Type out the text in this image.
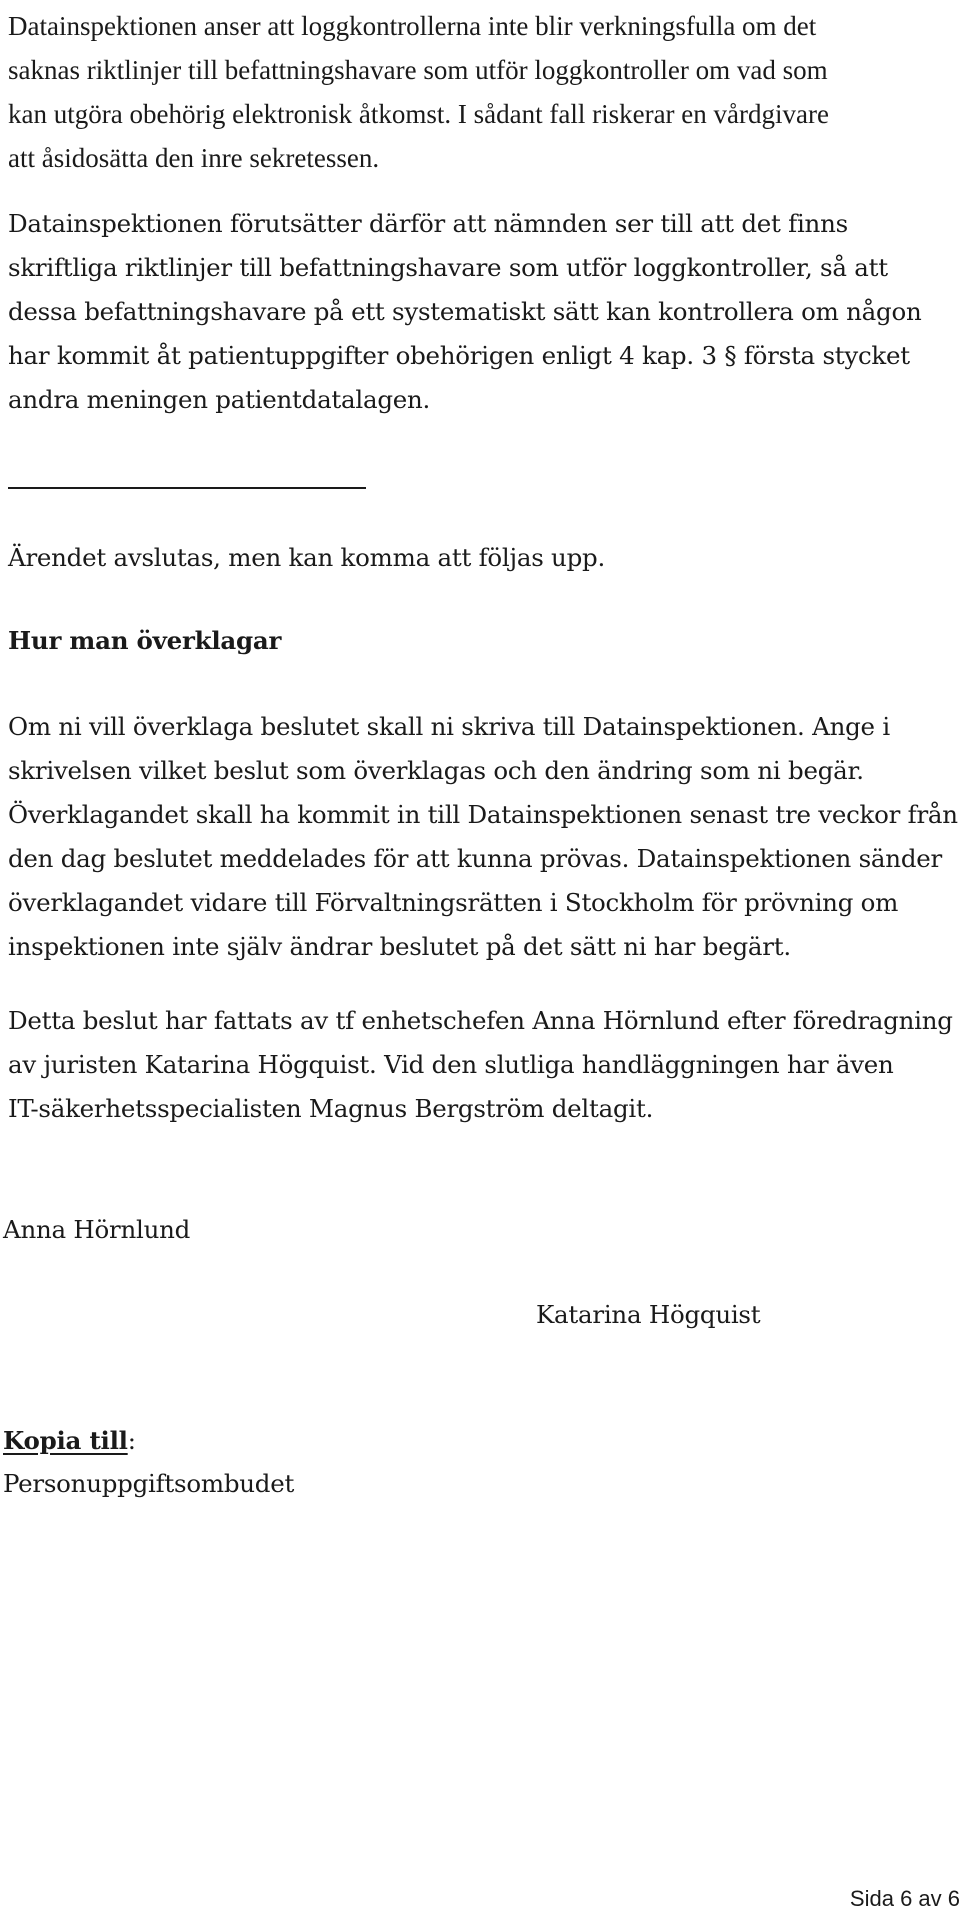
Datainspektionen anser att loggkontrollerna inte blir verkningsfulla om det
saknas riktlinjer till befattningshavare som utför loggkontroller om vad som
kan utgöra obehörig elektronisk åtkomst. I sådant fall riskerar en vårdgivare
att åsidosätta den inre sekretessen.

Datainspektionen förutsätter därför att nämnden ser till att det finns
skriftliga riktlinjer till befattningshavare som utför loggkontroller, så att
dessa befattningshavare på ett systematiskt sätt kan kontrollera om någon
har kommit åt patientuppgifter obehörigen enligt 4 kap. 3 § första stycket
andra meningen patientdatalagen.

Ärendet avslutas, men kan komma att följas upp.

Hur man överklagar

Om ni vill överklaga beslutet skall ni skriva till Datainspektionen. Ange i
skrivelsen vilket beslut som överklagas och den ändring som ni begär.
Överklagandet skall ha kommit in till Datainspektionen senast tre veckor från
den dag beslutet meddelades för att kunna prövas. Datainspektionen sänder
överklagandet vidare till Förvaltningsrätten i Stockholm för prövning om
inspektionen inte själv ändrar beslutet på det sätt ni har begärt.

Detta beslut har fattats av tf enhetschefen Anna Hörnlund efter föredragning
av juristen Katarina Högquist. Vid den slutliga handläggningen har även
IT-säkerhetsspecialisten Magnus Bergström deltagit.

Anna Hörnlund
Katarina Högquist
Kopia till:
Personuppgiftsombudet
Sida 6 av 6
